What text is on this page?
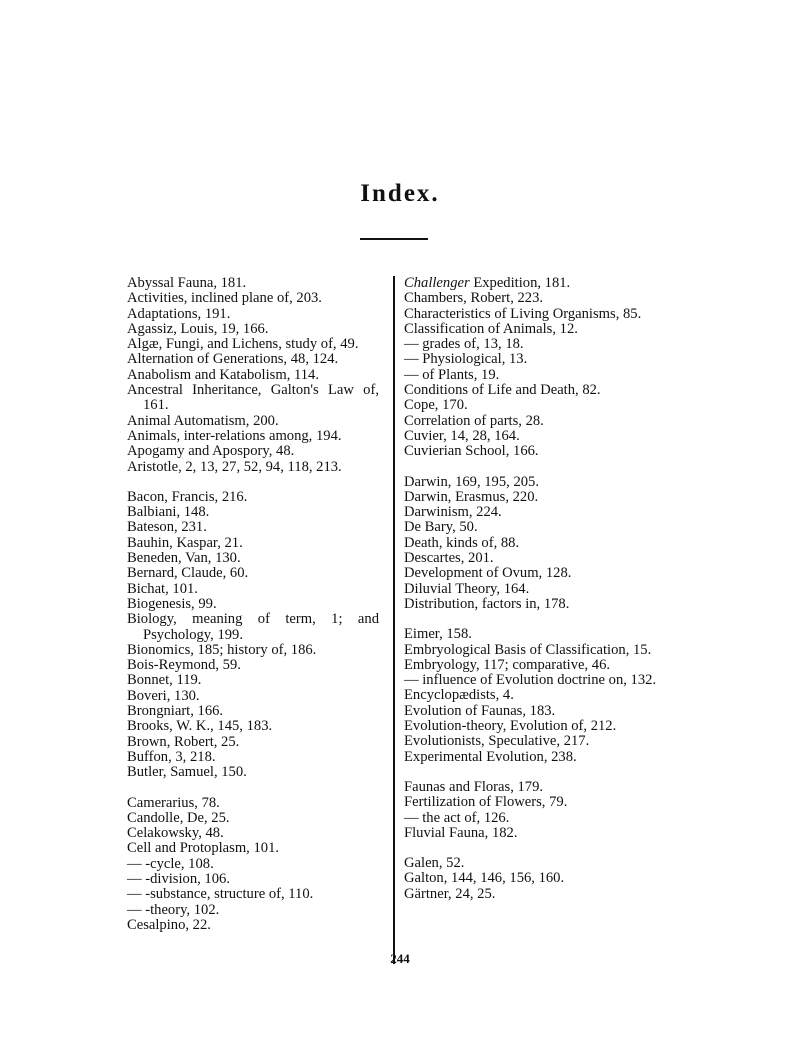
Index.

Abyssal Fauna, 181.

Activities, inclined plane of, 203.

Adaptations, 191.

Agassiz, Louis, 19, 166.

Algæ, Fungi, and Lichens, study of, 49.

Alternation of Generations, 48, 124.

Anabolism and Katabolism, 114.

Ancestral Inheritance, Galton's Law of, 161.

Animal Automatism, 200.

Animals, inter-relations among, 194.

Apogamy and Apospory, 48.

Aristotle, 2, 13, 27, 52, 94, 118, 213.

Bacon, Francis, 216.

Balbiani, 148.

Bateson, 231.

Bauhin, Kaspar, 21.

Beneden, Van, 130.

Bernard, Claude, 60.

Bichat, 101.

Biogenesis, 99.

Biology, meaning of term, 1; and Psychology, 199.

Bionomics, 185; history of, 186.

Bois-Reymond, 59.

Bonnet, 119.

Boveri, 130.

Brongniart, 166.

Brooks, W. K., 145, 183.

Brown, Robert, 25.

Buffon, 3, 218.

Butler, Samuel, 150.

Camerarius, 78.

Candolle, De, 25.

Celakowsky, 48.

Cell and Protoplasm, 101.

— -cycle, 108.

— -division, 106.

— -substance, structure of, 110.

— -theory, 102.

Cesalpino, 22.

Challenger Expedition, 181.

Chambers, Robert, 223.

Characteristics of Living Organisms, 85.

Classification of Animals, 12.

— grades of, 13, 18.

— Physiological, 13.

— of Plants, 19.

Conditions of Life and Death, 82.

Cope, 170.

Correlation of parts, 28.

Cuvier, 14, 28, 164.

Cuvierian School, 166.

Darwin, 169, 195, 205.

Darwin, Erasmus, 220.

Darwinism, 224.

De Bary, 50.

Death, kinds of, 88.

Descartes, 201.

Development of Ovum, 128.

Diluvial Theory, 164.

Distribution, factors in, 178.

Eimer, 158.

Embryological Basis of Classification, 15.

Embryology, 117; comparative, 46.

— influence of Evolution doctrine on, 132.

Encyclopædists, 4.

Evolution of Faunas, 183.

Evolution-theory, Evolution of, 212.

Evolutionists, Speculative, 217.

Experimental Evolution, 238.

Faunas and Floras, 179.

Fertilization of Flowers, 79.

— the act of, 126.

Fluvial Fauna, 182.

Galen, 52.

Galton, 144, 146, 156, 160.

Gärtner, 24, 25.

244
